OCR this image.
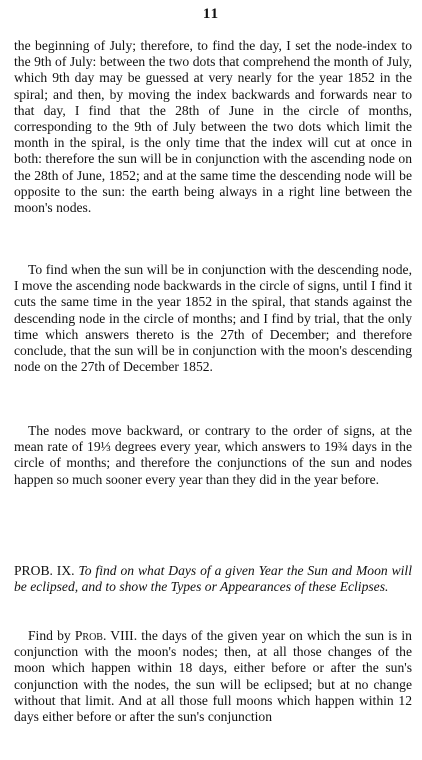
11

the beginning of July; therefore, to find the day, I set the node-index to the 9th of July: between the two dots that comprehend the month of July, which 9th day may be guessed at very nearly for the year 1852 in the spiral; and then, by moving the index backwards and forwards near to that day, I find that the 28th of June in the circle of months, corresponding to the 9th of July between the two dots which limit the month in the spiral, is the only time that the index will cut at once in both: therefore the sun will be in conjunction with the ascending node on the 28th of June, 1852; and at the same time the descending node will be opposite to the sun: the earth being always in a right line between the moon's nodes.

To find when the sun will be in conjunction with the descending node, I move the ascending node backwards in the circle of signs, until I find it cuts the same time in the year 1852 in the spiral, that stands against the descending node in the circle of months; and I find by trial, that the only time which answers thereto is the 27th of December; and therefore conclude, that the sun will be in conjunction with the moon's descending node on the 27th of December 1852.

The nodes move backward, or contrary to the order of signs, at the mean rate of 19⅓ degrees every year, which answers to 19¾ days in the circle of months; and therefore the conjunctions of the sun and nodes happen so much sooner every year than they did in the year before.

PROB. IX. To find on what Days of a given Year the Sun and Moon will be eclipsed, and to show the Types or Appearances of these Eclipses.

Find by Prob. VIII. the days of the given year on which the sun is in conjunction with the moon's nodes; then, at all those changes of the moon which happen within 18 days, either before or after the sun's conjunction with the nodes, the sun will be eclipsed; but at no change without that limit. And at all those full moons which happen within 12 days either before or after the sun's conjunction
